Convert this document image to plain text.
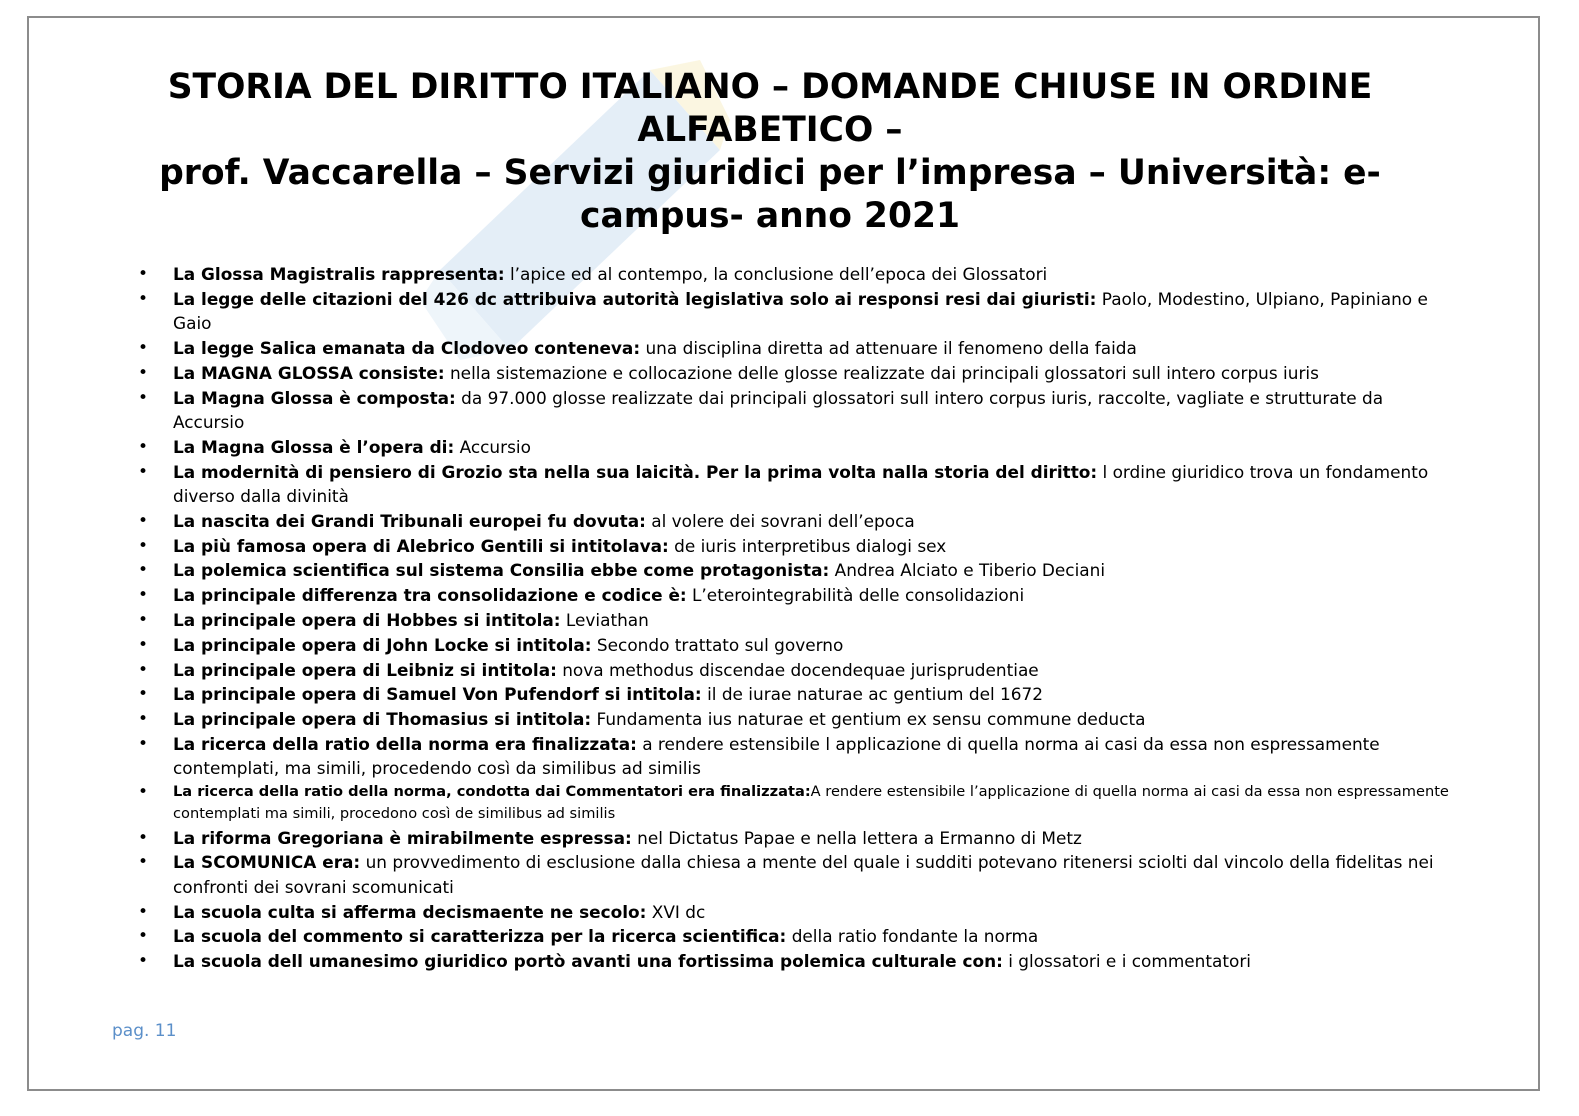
STORIA DEL DIRITTO ITALIANO – DOMANDE CHIUSE IN ORDINE
ALFABETICO –
prof. Vaccarella – Servizi giuridici per l’impresa – Università: e-
campus- anno 2021
• La Glossa Magistralis rappresenta: l’apice ed al contempo, la conclusione dell’epoca dei Glossatori
• La legge delle citazioni del 426 dc attribuiva autorità legislativa solo ai responsi resi dai giuristi: Paolo, Modestino, Ulpiano, Papiniano e Gaio
• La legge Salica emanata da Clodoveo conteneva: una disciplina diretta ad attenuare il fenomeno della faida
• La MAGNA GLOSSA consiste: nella sistemazione e collocazione delle glosse realizzate dai principali glossatori sull intero corpus iuris
• La Magna Glossa è composta: da 97.000 glosse realizzate dai principali glossatori sull intero corpus iuris, raccolte, vagliate e strutturate da Accursio
• La Magna Glossa è l’opera di: Accursio
• La modernità di pensiero di Grozio sta nella sua laicità. Per la prima volta nalla storia del diritto: l ordine giuridico trova un fondamento diverso dalla divinità
• La nascita dei Grandi Tribunali europei fu dovuta: al volere dei sovrani dell’epoca
• La più famosa opera di Alebrico Gentili si intitolava: de iuris interpretibus dialogi sex
• La polemica scientifica sul sistema Consilia ebbe come protagonista: Andrea Alciato e Tiberio Deciani
• La principale differenza tra consolidazione e codice è: L’eterointegrabilità delle consolidazioni
• La principale opera di Hobbes si intitola: Leviathan
• La principale opera di John Locke si intitola: Secondo trattato sul governo
• La principale opera di Leibniz si intitola: nova methodus discendae docendequae jurisprudentiae
• La principale opera di Samuel Von Pufendorf si intitola: il de iurae naturae ac gentium del 1672
• La principale opera di Thomasius si intitola: Fundamenta ius naturae et gentium ex sensu commune deducta
• La ricerca della ratio della norma era finalizzata: a rendere estensibile l applicazione di quella norma ai casi da essa non espressamente contemplati, ma simili, procedendo così da similibus ad similis
• La ricerca della ratio della norma, condotta dai Commentatori era finalizzata:A rendere estensibile l’applicazione di quella norma ai casi da essa non espressamente contemplati ma simili, procedono così de similibus ad similis
• La riforma Gregoriana è mirabilmente espressa: nel Dictatus Papae e nella lettera a Ermanno di Metz
• La SCOMUNICA era: un provvedimento di esclusione dalla chiesa a mente del quale i sudditi potevano ritenersi sciolti dal vincolo della fidelitas nei confronti dei sovrani scomunicati
• La scuola culta si afferma decismaente ne secolo: XVI dc
• La scuola del commento si caratterizza per la ricerca scientifica: della ratio fondante la norma
• La scuola dell umanesimo giuridico portò avanti una fortissima polemica culturale con: i glossatori e i commentatori
pag. 11
